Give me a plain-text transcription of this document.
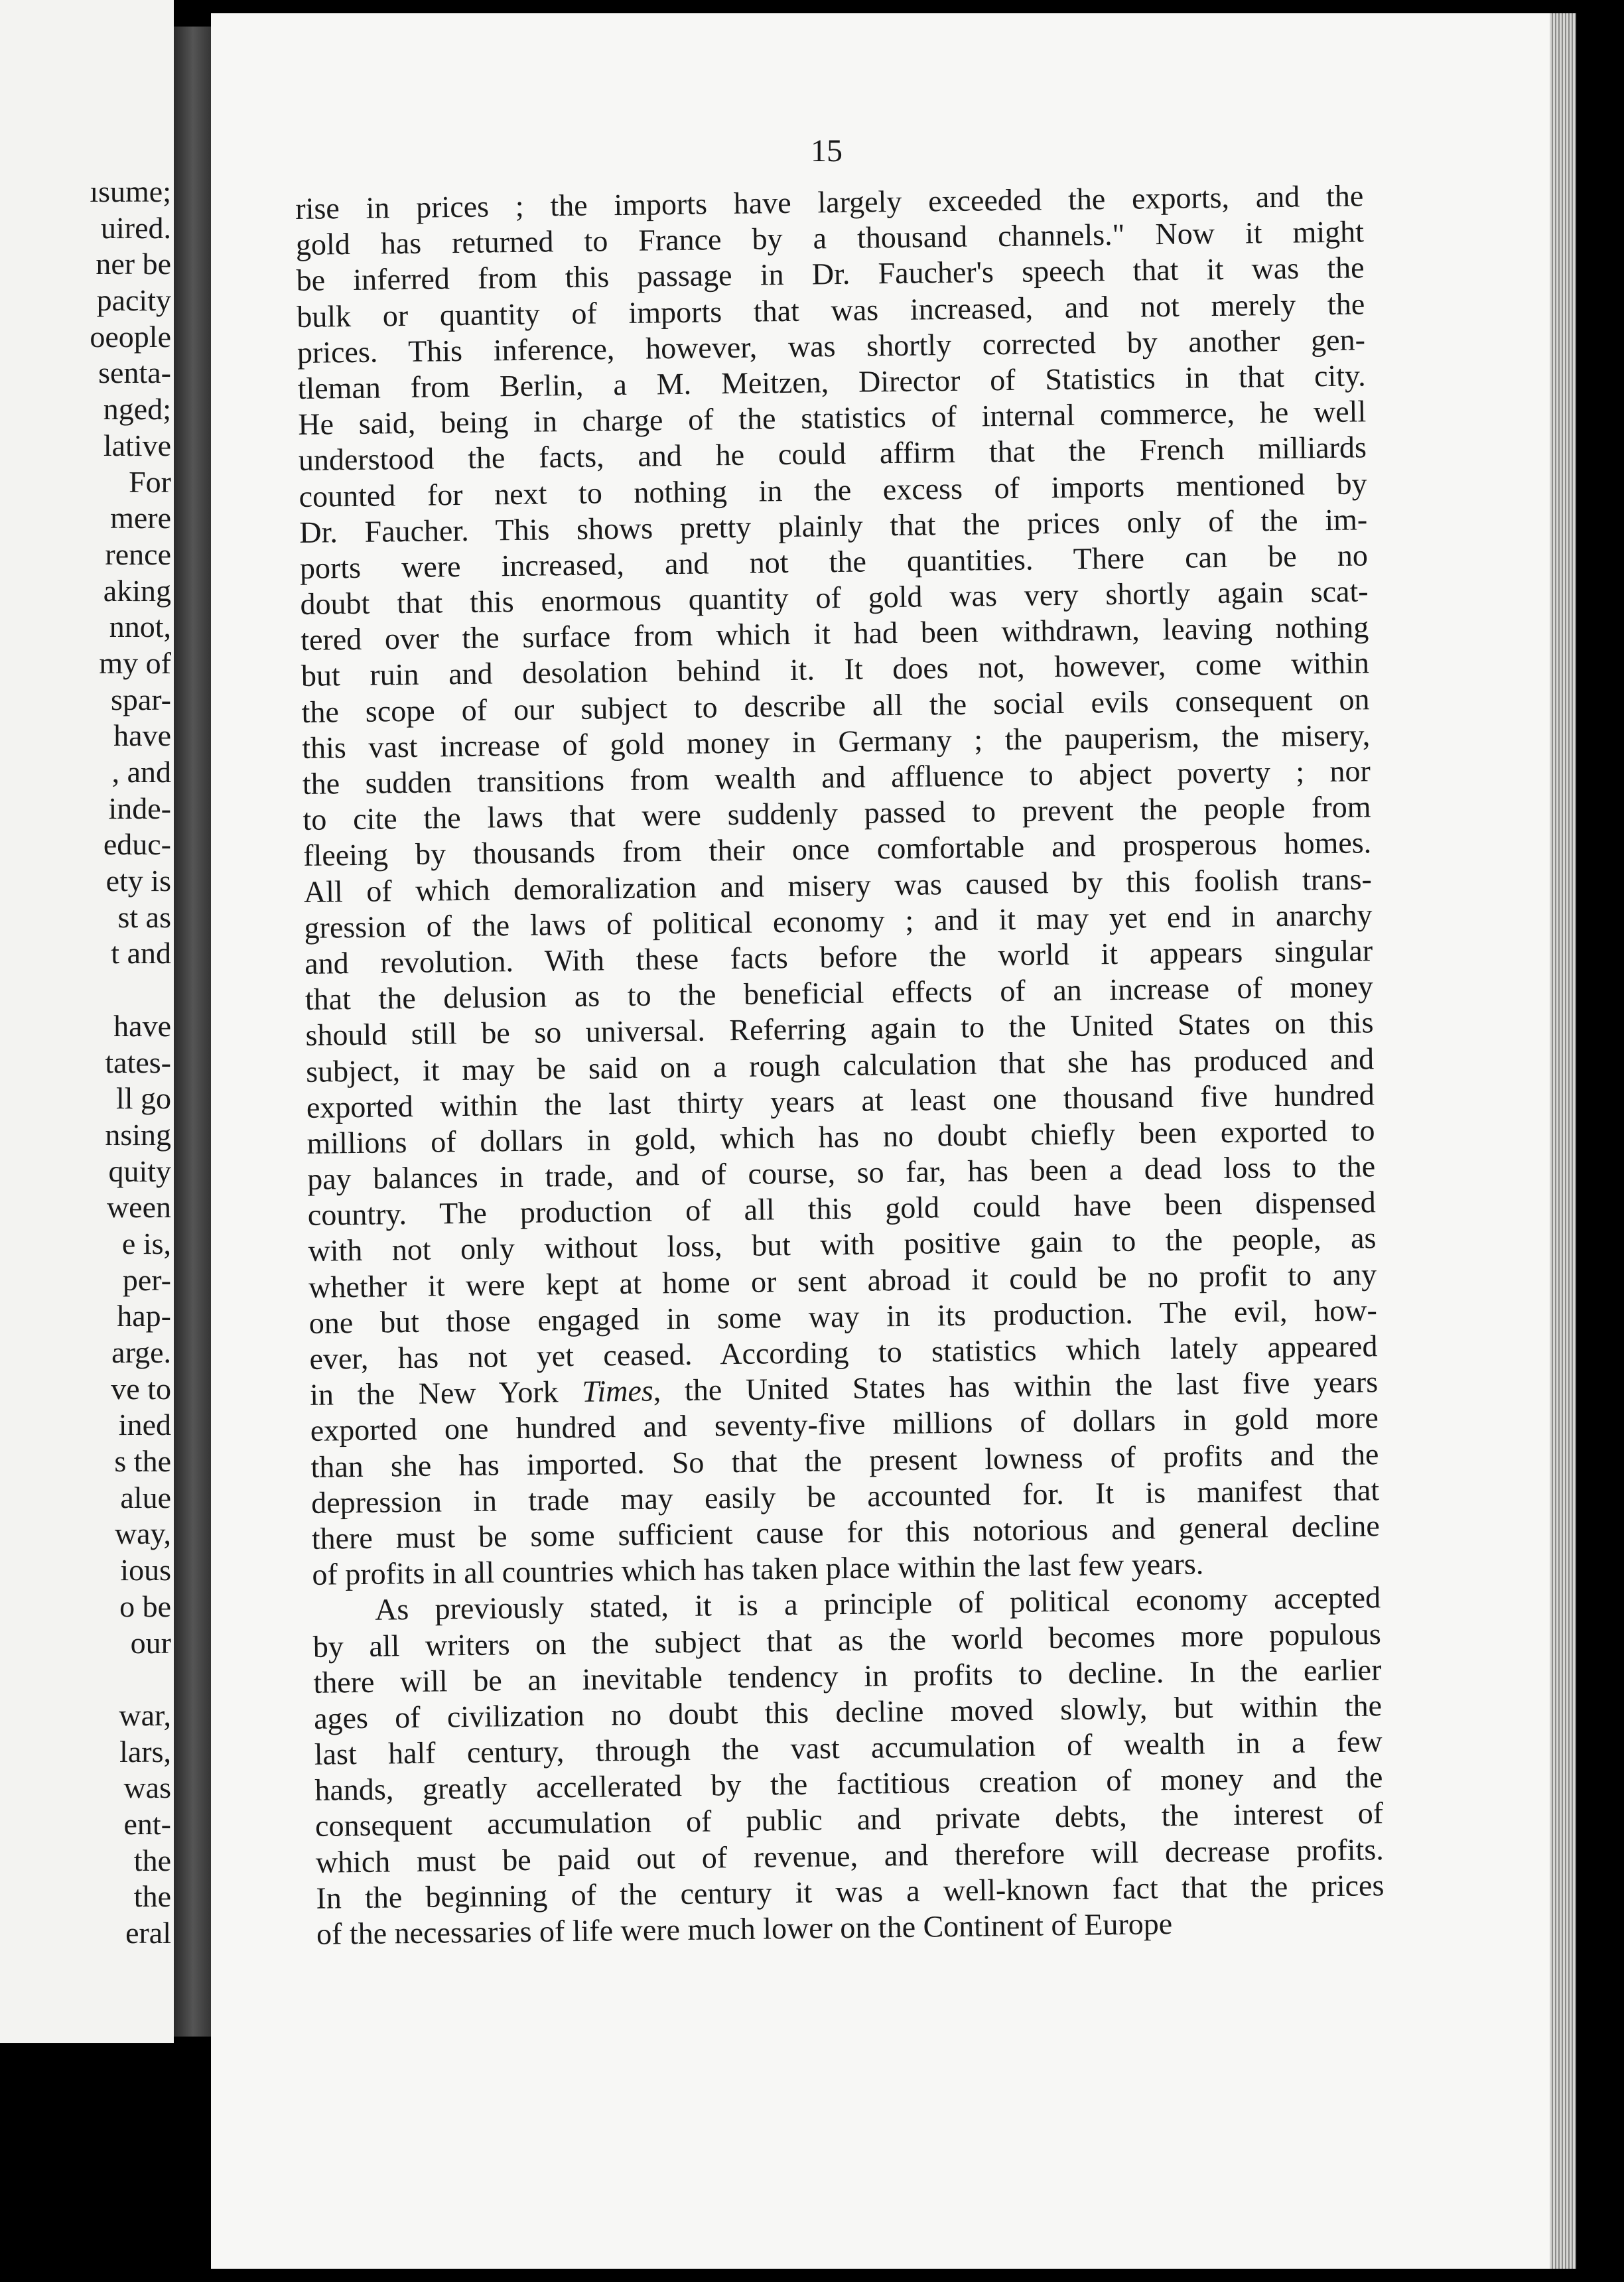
ısume;
uired.
ner be
pacity
oeople
senta-
nged;
lative
For
mere
rence
aking
nnot,
my of
spar-
have
, and
inde-
educ-
ety is
st as
t and
have
tates-
ll go
nsing
quity
ween
e is,
per-
hap-
arge.
ve to
ined
s the
alue
way,
ious
o be
our
war,
lars,
was
ent-
the
the
eral
15
rise in prices ; the imports have largely exceeded the exports, and the
gold has returned to France by a thousand channels." Now it might
be inferred from this passage in Dr. Faucher's speech that it was the
bulk or quantity of imports that was increased, and not merely the
prices. This inference, however, was shortly corrected by another gen-
tleman from Berlin, a M. Meitzen, Director of Statistics in that city.
He said, being in charge of the statistics of internal commerce, he well
understood the facts, and he could affirm that the French milliards
counted for next to nothing in the excess of imports mentioned by
Dr. Faucher. This shows pretty plainly that the prices only of the im-
ports were increased, and not the quantities. There can be no
doubt that this enormous quantity of gold was very shortly again scat-
tered over the surface from which it had been withdrawn, leaving nothing
but ruin and desolation behind it. It does not, however, come within
the scope of our subject to describe all the social evils consequent on
this vast increase of gold money in Germany ; the pauperism, the misery,
the sudden transitions from wealth and affluence to abject poverty ; nor
to cite the laws that were suddenly passed to prevent the people from
fleeing by thousands from their once comfortable and prosperous homes.
All of which demoralization and misery was caused by this foolish trans-
gression of the laws of political economy ; and it may yet end in anarchy
and revolution. With these facts before the world it appears singular
that the delusion as to the beneficial effects of an increase of money
should still be so universal. Referring again to the United States on this
subject, it may be said on a rough calculation that she has produced and
exported within the last thirty years at least one thousand five hundred
millions of dollars in gold, which has no doubt chiefly been exported to
pay balances in trade, and of course, so far, has been a dead loss to the
country. The production of all this gold could have been dispensed
with not only without loss, but with positive gain to the people, as
whether it were kept at home or sent abroad it could be no profit to any
one but those engaged in some way in its production. The evil, how-
ever, has not yet ceased. According to statistics which lately appeared
in the New York Times, the United States has within the last five years
exported one hundred and seventy-five millions of dollars in gold more
than she has imported. So that the present lowness of profits and the
depression in trade may easily be accounted for. It is manifest that
there must be some sufficient cause for this notorious and general decline
of profits in all countries which has taken place within the last few years.
As previously stated, it is a principle of political economy accepted
by all writers on the subject that as the world becomes more populous
there will be an inevitable tendency in profits to decline. In the earlier
ages of civilization no doubt this decline moved slowly, but within the
last half century, through the vast accumulation of wealth in a few
hands, greatly accellerated by the factitious creation of money and the
consequent accumulation of public and private debts, the interest of
which must be paid out of revenue, and therefore will decrease profits.
In the beginning of the century it was a well-known fact that the prices
of the necessaries of life were much lower on the Continent of Europe
